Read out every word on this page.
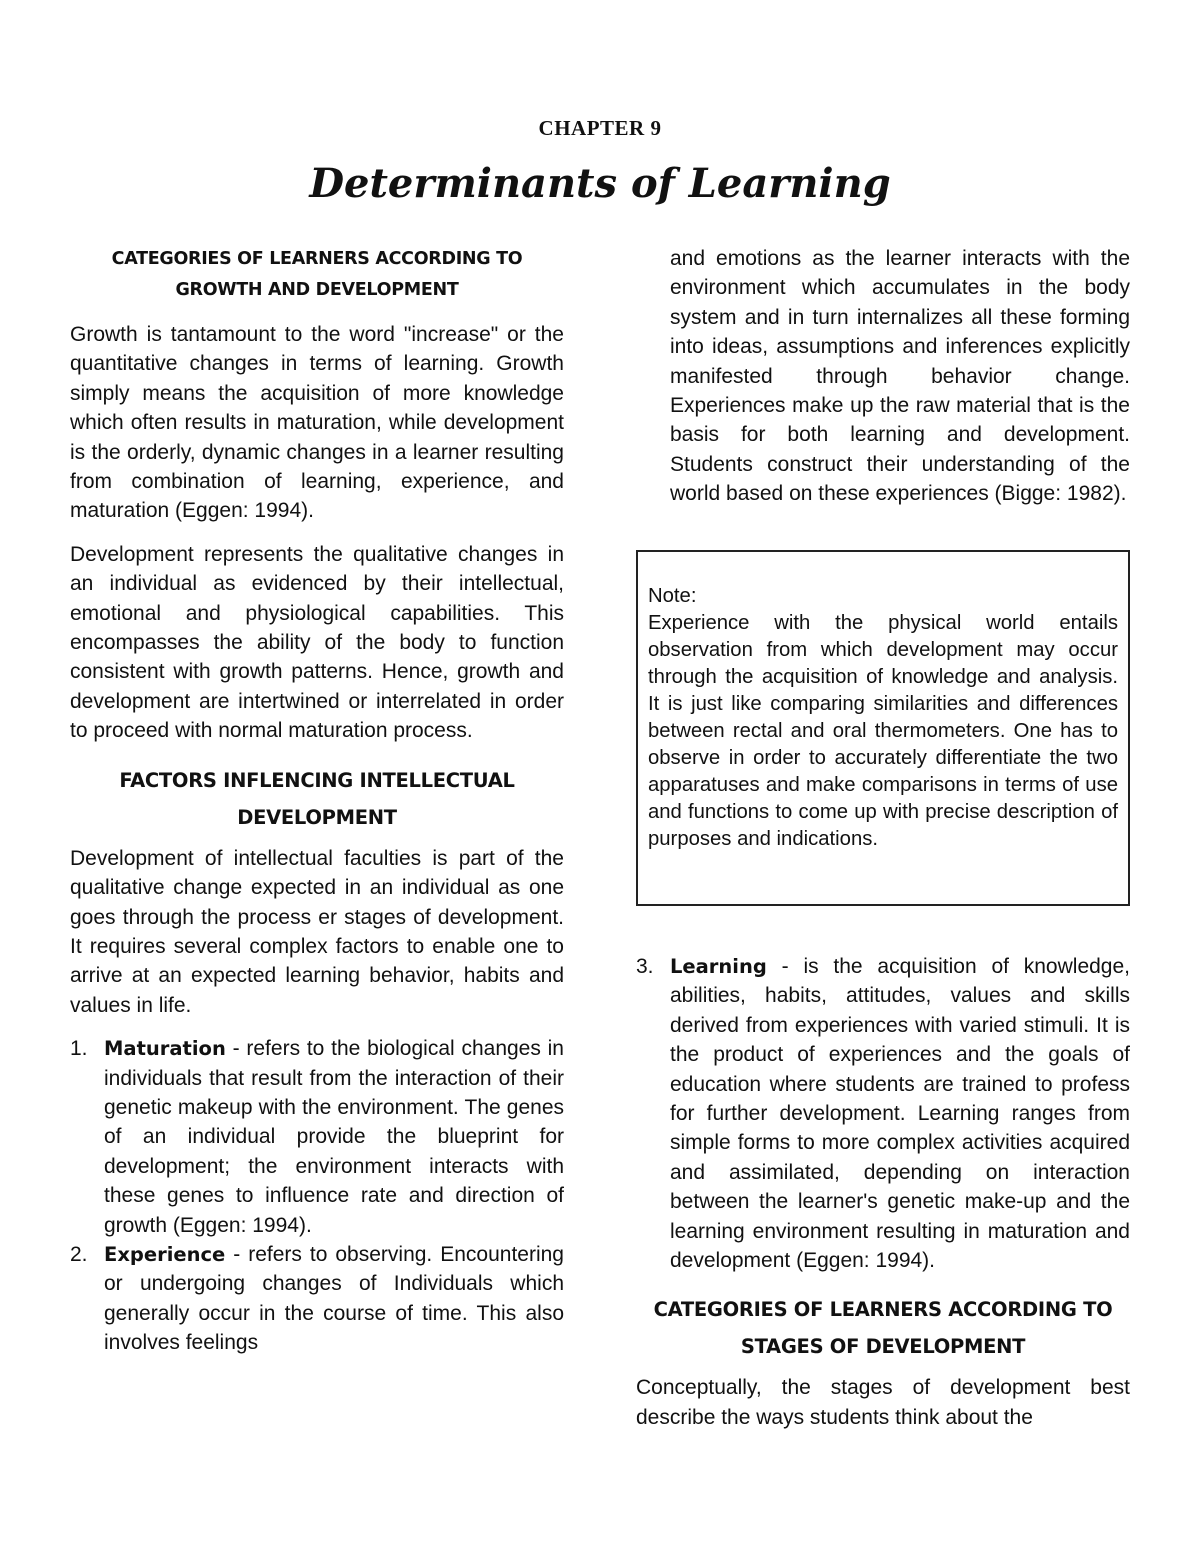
CHAPTER 9
Determinants of Learning
CATEGORIES OF LEARNERS ACCORDING TO
GROWTH AND DEVELOPMENT

Growth is tantamount to the word "increase" or the quantitative changes in terms of learning. Growth simply means the acquisition of more knowledge which often results in maturation, while development is the orderly, dynamic changes in a learner resulting from combination of learning, experience, and maturation (Eggen: 1994).

Development represents the qualitative changes in an individual as evidenced by their intellectual, emotional and physiological capabilities. This encompasses the ability of the body to function consistent with growth patterns. Hence, growth and development are intertwined or interrelated in order to proceed with normal maturation process.

FACTORS INFLENCING INTELLECTUAL
DEVELOPMENT

Development of intellectual faculties is part of the qualitative change expected in an individual as one goes through the process er stages of development. It requires several complex factors to enable one to arrive at an expected learning behavior, habits and values in life.

1. Maturation - refers to the biological changes in individuals that result from the interaction of their genetic makeup with the environment. The genes of an individual provide the blueprint for development; the environment interacts with these genes to influence rate and direction of growth (Eggen: 1994).

2. Experience - refers to observing. Encountering or undergoing changes of Individuals which generally occur in the course of time. This also involves feelings

and emotions as the learner interacts with the environment which accumulates in the body system and in turn internalizes all these forming into ideas, assumptions and inferences explicitly manifested through behavior change. Experiences make up the raw material that is the basis for both learning and development. Students construct their understanding of the world based on these experiences (Bigge: 1982).

Note:

Experience with the physical world entails observation from which development may occur through the acquisition of knowledge and analysis. It is just like comparing similarities and differences between rectal and oral thermometers. One has to observe in order to accurately differentiate the two apparatuses and make comparisons in terms of use and functions to come up with precise description of purposes and indications.

3. Learning - is the acquisition of knowledge, abilities, habits, attitudes, values and skills derived from experiences with varied stimuli. It is the product of experiences and the goals of education where students are trained to profess for further development. Learning ranges from simple forms to more complex activities acquired and assimilated, depending on interaction between the learner's genetic make-up and the learning environment resulting in maturation and development (Eggen: 1994).

CATEGORIES OF LEARNERS ACCORDING TO
STAGES OF DEVELOPMENT

Conceptually, the stages of development best describe the ways students think about the
